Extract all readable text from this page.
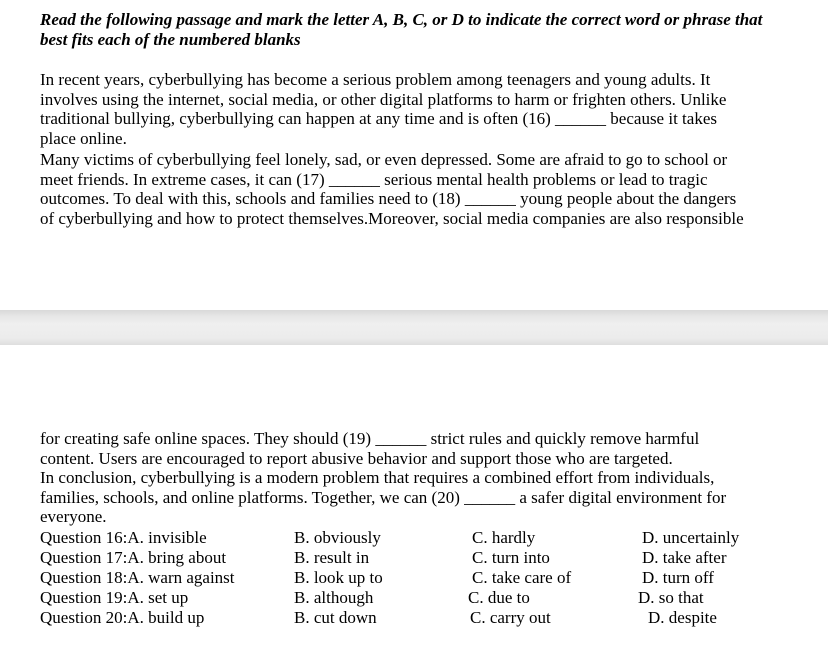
Read the following passage and mark the letter A, B, C, or D to indicate the correct word or phrase that best fits each of the numbered blanks
In recent years, cyberbullying has become a serious problem among teenagers and young adults. It
involves using the internet, social media, or other digital platforms to harm or frighten others. Unlike
traditional bullying, cyberbullying can happen at any time and is often (16) ______ because it takes
place online.
Many victims of cyberbullying feel lonely, sad, or even depressed. Some are afraid to go to school or
meet friends. In extreme cases, it can (17) ______ serious mental health problems or lead to tragic
outcomes. To deal with this, schools and families need to (18) ______ young people about the dangers
of cyberbullying and how to protect themselves.Moreover, social media companies are also responsible
for creating safe online spaces. They should (19) ______ strict rules and quickly remove harmful
content. Users are encouraged to report abusive behavior and support those who are targeted.
In conclusion, cyberbullying is a modern problem that requires a combined effort from individuals,
families, schools, and online platforms. Together, we can (20) ______ a safer digital environment for
everyone.
Question 16:A. invisible	B. obviously	C. hardly	D. uncertainly
Question 17:A. bring about	B. result in	C. turn into	D. take after
Question 18:A. warn against	B. look up to	C. take care of	D. turn off
Question 19:A. set up	B. although	C. due to	D. so that
Question 20:A. build up	B. cut down	C. carry out	D. despite
